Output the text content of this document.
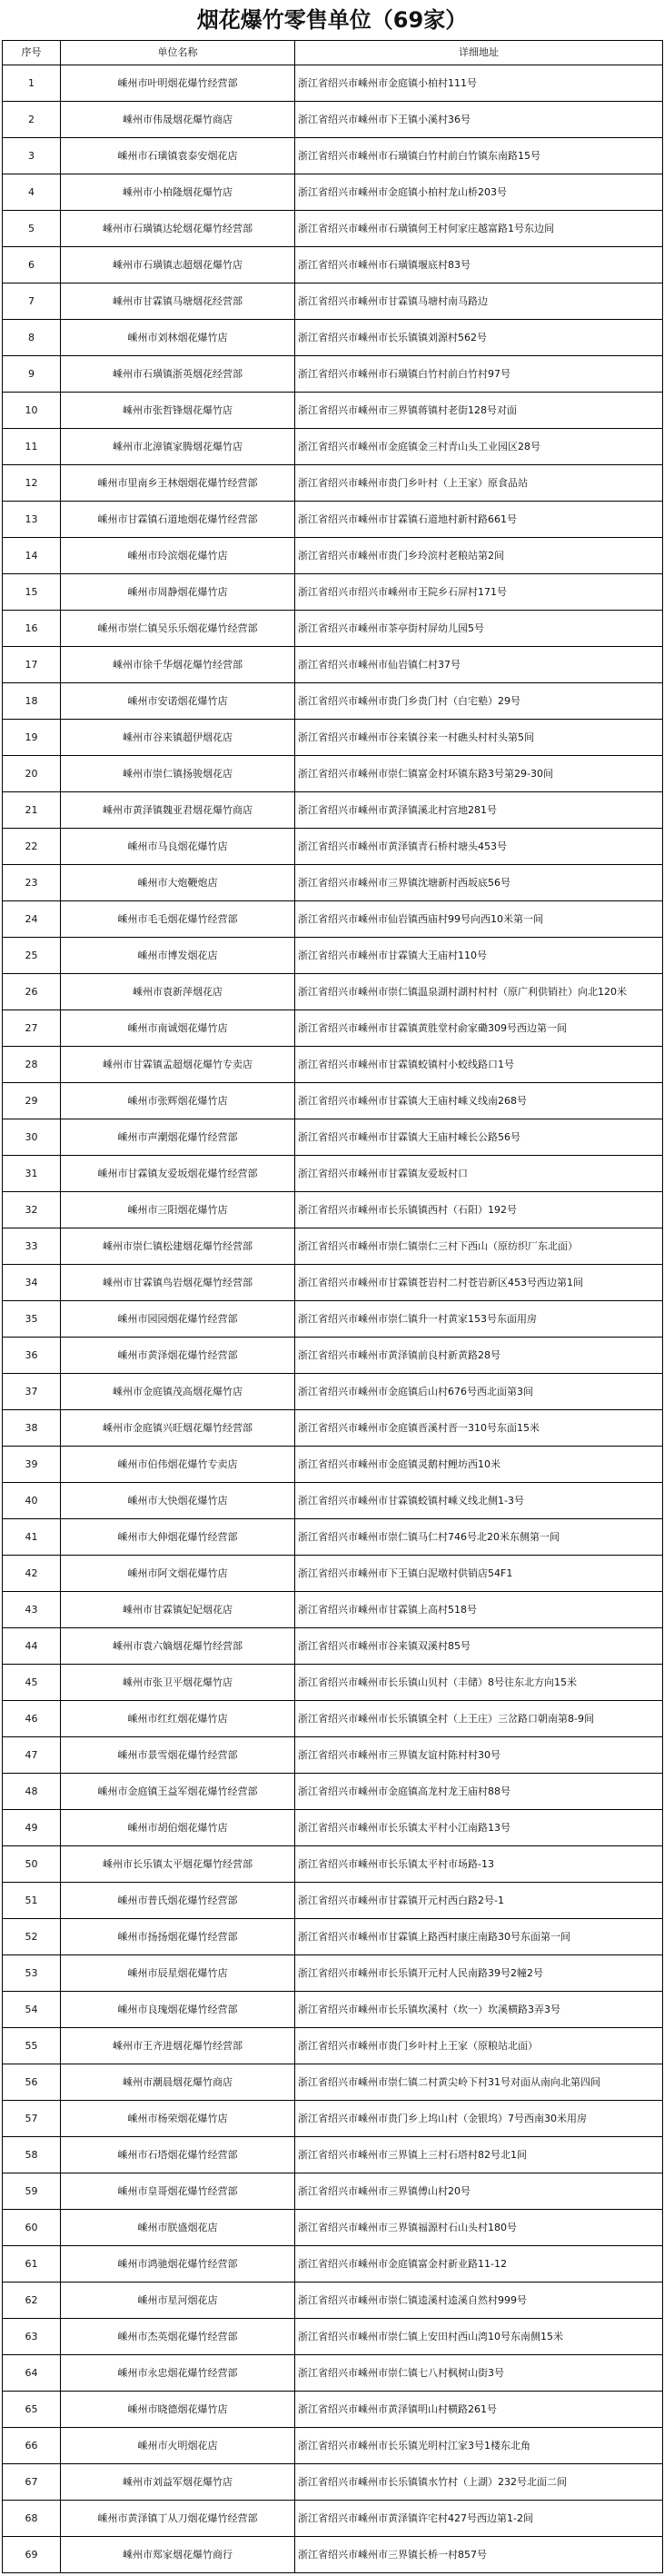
烟花爆竹零售单位（69家）
序号	单位名称	详细地址
1	嵊州市叶明烟花爆竹经营部	浙江省绍兴市嵊州市金庭镇小柏村111号
2	嵊州市伟晟烟花爆竹商店	浙江省绍兴市嵊州市下王镇小溪村36号
3	嵊州市石璜镇袁泰安烟花店	浙江省绍兴市嵊州市石璜镇白竹村前白竹镇东南路15号
4	嵊州市小柏隆烟花爆竹店	浙江省绍兴市嵊州市金庭镇小柏村龙山桥203号
5	嵊州市石璜镇达轮烟花爆竹经营部	浙江省绍兴市嵊州市石璜镇何王村何家庄越富路1号东边间
6	嵊州市石璜镇志超烟花爆竹店	浙江省绍兴市嵊州市石璜镇堰底村83号
7	嵊州市甘霖镇马塘烟花经营部	浙江省绍兴市嵊州市甘霖镇马塘村南马路边
8	嵊州市刘林烟花爆竹店	浙江省绍兴市嵊州市长乐镇镇刘源村562号
9	嵊州市石璜镇浙英烟花经营部	浙江省绍兴市嵊州市石璜镇白竹村前白竹村97号
10	嵊州市张哲锋烟花爆竹店	浙江省绍兴市嵊州市三界镇蒋镇村老街128号对面
11	嵊州市北漳镇家腾烟花爆竹店	浙江省绍兴市嵊州市金庭镇金三村青山头工业园区28号
12	嵊州市里南乡王林烟烟花爆竹经营部	浙江省绍兴市嵊州市贵门乡叶村（上王家）原食品站
13	嵊州市甘霖镇石道地烟花爆竹经营部	浙江省绍兴市嵊州市甘霖镇石道地村新村路661号
14	嵊州市玲滨烟花爆竹店	浙江省绍兴市嵊州市贵门乡玲滨村老粮站第2间
15	嵊州市周静烟花爆竹店	浙江省绍兴市绍兴市嵊州市王院乡石屏村171号
16	嵊州市崇仁镇吴乐乐烟花爆竹经营部	浙江省绍兴市嵊州市茶亭街村屏幼儿园5号
17	嵊州市徐千华烟花爆竹经营部	浙江省绍兴市嵊州市仙岩镇仁村37号
18	嵊州市安诺烟花爆竹店	浙江省绍兴市嵊州市贵门乡贵门村（白宅塾）29号
19	嵊州市谷来镇超伊烟花店	浙江省绍兴市嵊州市谷来镇谷来一村礁头村村头第5间
20	嵊州市崇仁镇扬骏烟花店	浙江省绍兴市嵊州市崇仁镇富金村环镇东路3号第29-30间
21	嵊州市黄泽镇魏亚君烟花爆竹商店	浙江省绍兴市嵊州市黄泽镇溪北村宫地281号
22	嵊州市马良烟花爆竹店	浙江省绍兴市嵊州市黄泽镇青石桥村塘头453号
23	嵊州市大炮鞭炮店	浙江省绍兴市嵊州市三界镇沈塘新村西坂底56号
24	嵊州市毛毛烟花爆竹经营部	浙江省绍兴市嵊州市仙岩镇西庙村99号向西10米第一间
25	嵊州市博发烟花店	浙江省绍兴市嵊州市甘霖镇大王庙村110号
26	嵊州市袁新萍烟花店	浙江省绍兴市嵊州市崇仁镇温泉湖村湖村村村（原广利供销社）向北120米
27	嵊州市南诚烟花爆竹店	浙江省绍兴市嵊州市甘霖镇黄胜堂村俞家磡309号西边第一间
28	嵊州市甘霖镇孟超烟花爆竹专卖店	浙江省绍兴市嵊州市甘霖镇蛟镇村小蛟线路口1号
29	嵊州市张辉烟花爆竹店	浙江省绍兴市嵊州市甘霖镇大王庙村嵊义线南268号
30	嵊州市声潮烟花爆竹经营部	浙江省绍兴市嵊州市甘霖镇大王庙村嵊长公路56号
31	嵊州市甘霖镇友爱坂烟花爆竹经营部	浙江省绍兴市嵊州市甘霖镇友爱坂村口
32	嵊州市三阳烟花爆竹店	浙江省绍兴市嵊州市长乐镇镇西村（石阳）192号
33	嵊州市崇仁镇松建烟花爆竹经营部	浙江省绍兴市嵊州市崇仁镇崇仁三村下西山（原纺织厂东北面）
34	嵊州市甘霖镇鸟岩烟花爆竹经营部	浙江省绍兴市嵊州市甘霖镇苍岩村二村苍岩新区453号西边第1间
35	嵊州市园园烟花爆竹经营部	浙江省绍兴市嵊州市崇仁镇升一村黄家153号东面用房
36	嵊州市黄泽烟花爆竹经营部	浙江省绍兴市嵊州市黄泽镇前良村新黄路28号
37	嵊州市金庭镇茂高烟花爆竹店	浙江省绍兴市嵊州市金庭镇后山村676号西北面第3间
38	嵊州市金庭镇兴旺烟花爆竹经营部	浙江省绍兴市嵊州市金庭镇晋溪村晋一310号东面15米
39	嵊州市伯伟烟花爆竹专卖店	浙江省绍兴市嵊州市金庭镇灵鹅村鲤坊西10米
40	嵊州市大快烟花爆竹店	浙江省绍兴市嵊州市甘霖镇蛟镇村嵊义线北侧1-3号
41	嵊州市大伸烟花爆竹经营部	浙江省绍兴市嵊州市崇仁镇马仁村746号北20米东侧第一间
42	嵊州市阿文烟花爆竹店	浙江省绍兴市嵊州市下王镇白泥墩村供销店54F1
43	嵊州市甘霖镇妃妃烟花店	浙江省绍兴市嵊州市甘霖镇上高村518号
44	嵊州市袁六嫡烟花爆竹经营部	浙江省绍兴市嵊州市谷来镇双溪村85号
45	嵊州市张卫平烟花爆竹店	浙江省绍兴市嵊州市长乐镇山贝村（丰储）8号往东北方向15米
46	嵊州市红红烟花爆竹店	浙江省绍兴市嵊州市长乐镇镇全村（上王庄）三岔路口朝南第8-9间
47	嵊州市景雪烟花爆竹经营部	浙江省绍兴市嵊州市三界镇友谊村陈村村30号
48	嵊州市金庭镇王益军烟花爆竹经营部	浙江省绍兴市嵊州市金庭镇高龙村龙王庙村88号
49	嵊州市胡伯烟花爆竹店	浙江省绍兴市嵊州市长乐镇太平村小江南路13号
50	嵊州市长乐镇太平烟花爆竹经营部	浙江省绍兴市嵊州市长乐镇太平村市场路-13
51	嵊州市普氏烟花爆竹经营部	浙江省绍兴市嵊州市甘霖镇开元村西白路2号-1
52	嵊州市扬扬烟花爆竹经营部	浙江省绍兴市嵊州市甘霖镇上路西村康庄南路30号东面第一间
53	嵊州市辰星烟花爆竹店	浙江省绍兴市嵊州市长乐镇开元村人民南路39号2幢2号
54	嵊州市良瑰烟花爆竹经营部	浙江省绍兴市嵊州市长乐镇坎溪村（坎一）坎溪横路3弄3号
55	嵊州市王齐进烟花爆竹经营部	浙江省绍兴市嵊州市贵门乡叶村上王家（原粮站北面）
56	嵊州市潮晨烟花爆竹商店	浙江省绍兴市嵊州市崇仁镇二村黄尖岭下村31号对面从南向北第四间
57	嵊州市杨荣烟花爆竹店	浙江省绍兴市嵊州市贵门乡上坞山村（金银坞）7号西南30米用房
58	嵊州市石塔烟花爆竹经营部	浙江省绍兴市嵊州市三界镇上三村石塔村82号北1间
59	嵊州市皇哥烟花爆竹经营部	浙江省绍兴市嵊州市三界镇傅山村20号
60	嵊州市朕盛烟花店	浙江省绍兴市嵊州市三界镇福源村石山头村180号
61	嵊州市鸿驰烟花爆竹经营部	浙江省绍兴市嵊州市金庭镇富金村新业路11-12
62	嵊州市星河烟花店	浙江省绍兴市嵊州市崇仁镇逵溪村逵溪自然村999号
63	嵊州市杰英烟花爆竹经营部	浙江省绍兴市嵊州市崇仁镇上安田村西山湾10号东南侧15米
64	嵊州市永忠烟花爆竹经营部	浙江省绍兴市嵊州市崇仁镇七八村枫树山街3号
65	嵊州市晓德烟花爆竹店	浙江省绍兴市嵊州市黄泽镇明山村横路261号
66	嵊州市火明烟花店	浙江省绍兴市嵊州市长乐镇光明村江家3号1楼东北角
67	嵊州市刘益军烟花爆竹店	浙江省绍兴市嵊州市长乐镇镇水竹村（上湖）232号北面二间
68	嵊州市黄泽镇丁从刀烟花爆竹经营部	浙江省绍兴市嵊州市黄泽镇许宅村427号西边第1-2间
69	嵊州市郑家烟花爆竹商行	浙江省绍兴市嵊州市三界镇长桥一村857号
